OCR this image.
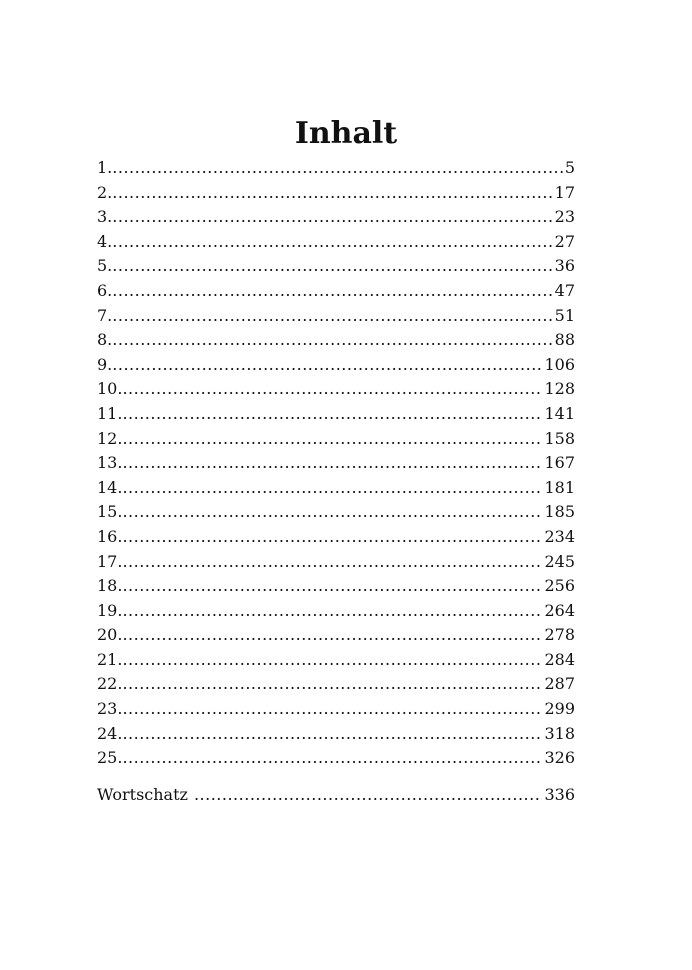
Inhalt
1. .....	5
2. .....	17
3. .....	23
4. .....	27
5. .....	36
6. .....	47
7. .....	51
8. .....	88
9. .....	106
10. .....	128
11. .....	141
12. .....	158
13. .....	167
14. .....	181
15. .....	185
16. .....	234
17. .....	245
18. .....	256
19. .....	264
20. .....	278
21. .....	284
22. .....	287
23. .....	299
24. .....	318
25. .....	326
Wortschatz .....	336
